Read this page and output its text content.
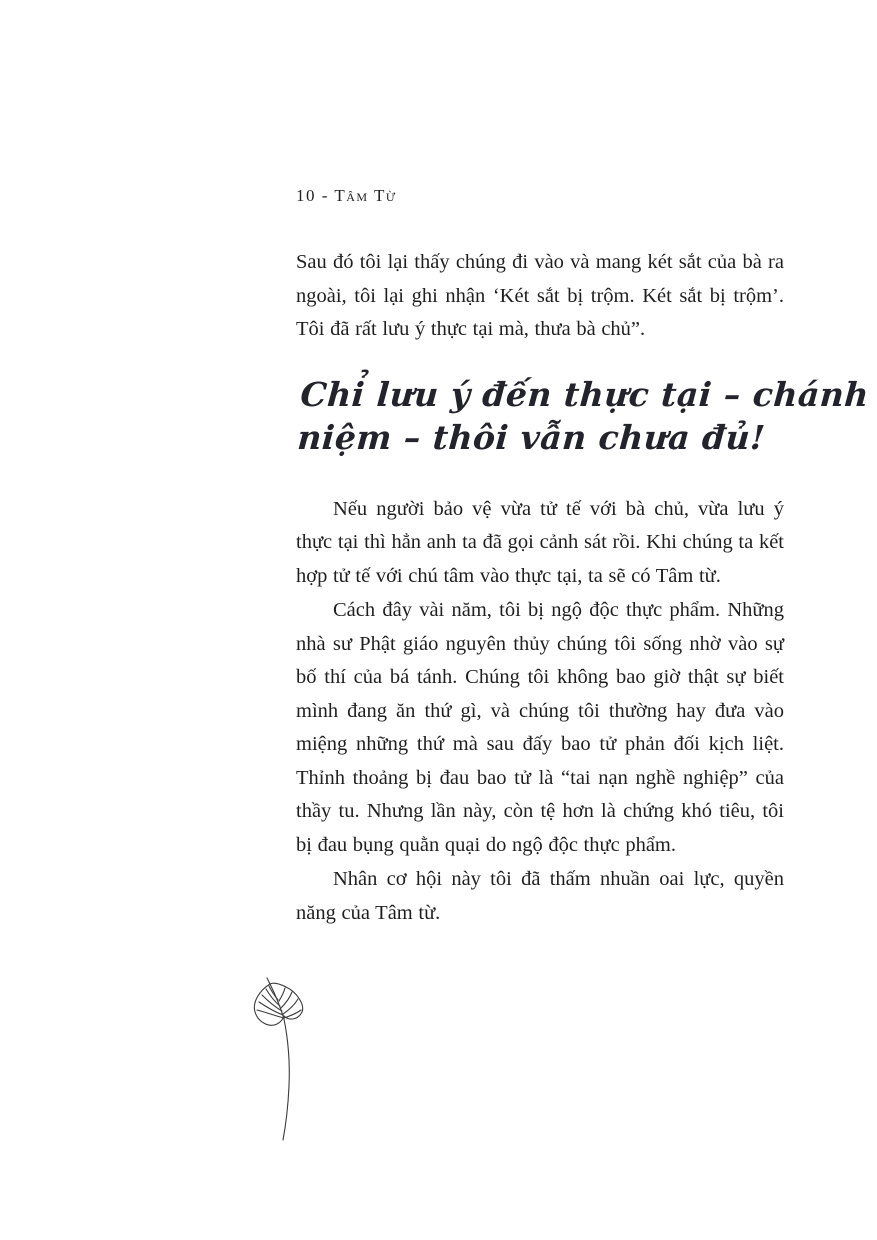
10 - Tâm Từ

Sau đó tôi lại thấy chúng đi vào và mang két sắt của bà ra ngoài, tôi lại ghi nhận ‘Két sắt bị trộm. Két sắt bị trộm’. Tôi đã rất lưu ý thực tại mà, thưa bà chủ”.

Chỉ lưu ý đến thực tại – chánh
niệm – thôi vẫn chưa đủ!

Nếu người bảo vệ vừa tử tế với bà chủ, vừa lưu ý thực tại thì hẳn anh ta đã gọi cảnh sát rồi. Khi chúng ta kết hợp tử tế với chú tâm vào thực tại, ta sẽ có Tâm từ.

Cách đây vài năm, tôi bị ngộ độc thực phẩm. Những nhà sư Phật giáo nguyên thủy chúng tôi sống nhờ vào sự bố thí của bá tánh. Chúng tôi không bao giờ thật sự biết mình đang ăn thứ gì, và chúng tôi thường hay đưa vào miệng những thứ mà sau đấy bao tử phản đối kịch liệt. Thỉnh thoảng bị đau bao tử là “tai nạn nghề nghiệp” của thầy tu. Nhưng lần này, còn tệ hơn là chứng khó tiêu, tôi bị đau bụng quằn quại do ngộ độc thực phẩm.

Nhân cơ hội này tôi đã thấm nhuần oai lực, quyền năng của Tâm từ.
